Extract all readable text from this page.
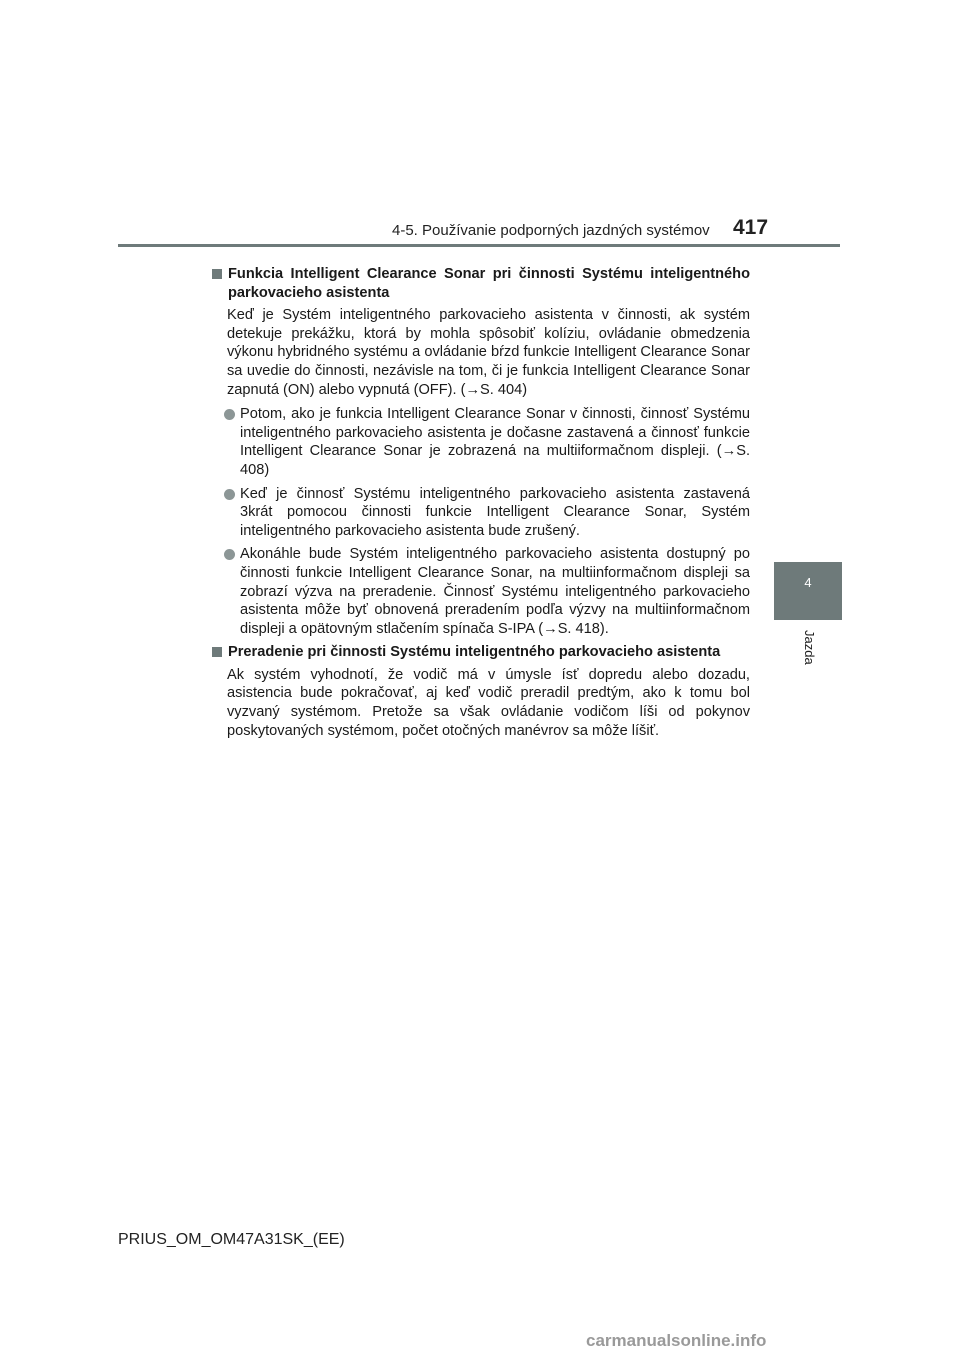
4-5. Používanie podporných jazdných systémov 417
4
Jazda
Funkcia Intelligent Clearance Sonar pri činnosti Systému inteligentného parkovacieho asistenta
Keď je Systém inteligentného parkovacieho asistenta v činnosti, ak systém detekuje prekážku, ktorá by mohla spôsobiť kolíziu, ovládanie obmedzenia výkonu hybridného systému a ovládanie bŕzd funkcie Intelligent Clearance Sonar sa uvedie do činnosti, nezávisle na tom, či je funkcia Intelligent Clearance Sonar zapnutá (ON) alebo vypnutá (OFF). (→S. 404)
Potom, ako je funkcia Intelligent Clearance Sonar v činnosti, činnosť Systému inteligentného parkovacieho asistenta je dočasne zastavená a činnosť funkcie Intelligent Clearance Sonar je zobrazená na multiiformačnom displeji. (→S. 408)
Keď je činnosť Systému inteligentného parkovacieho asistenta zastavená 3krát pomocou činnosti funkcie Intelligent Clearance Sonar, Systém inteligentného parkovacieho asistenta bude zrušený.
Akonáhle bude Systém inteligentného parkovacieho asistenta dostupný po činnosti funkcie Intelligent Clearance Sonar, na multiinformačnom displeji sa zobrazí výzva na preradenie. Činnosť Systému inteligentného parkovacieho asistenta môže byť obnovená preradením podľa výzvy na multiinformačnom displeji a opätovným stlačením spínača S-IPA (→S. 418).
Preradenie pri činnosti Systému inteligentného parkovacieho asistenta
Ak systém vyhodnotí, že vodič má v úmysle ísť dopredu alebo dozadu, asistencia bude pokračovať, aj keď vodič preradil predtým, ako k tomu bol vyzvaný systémom. Pretože sa však ovládanie vodičom líši od pokynov poskytovaných systémom, počet otočných manévrov sa môže líšiť.
PRIUS_OM_OM47A31SK_(EE)
carmanualsonline.info
